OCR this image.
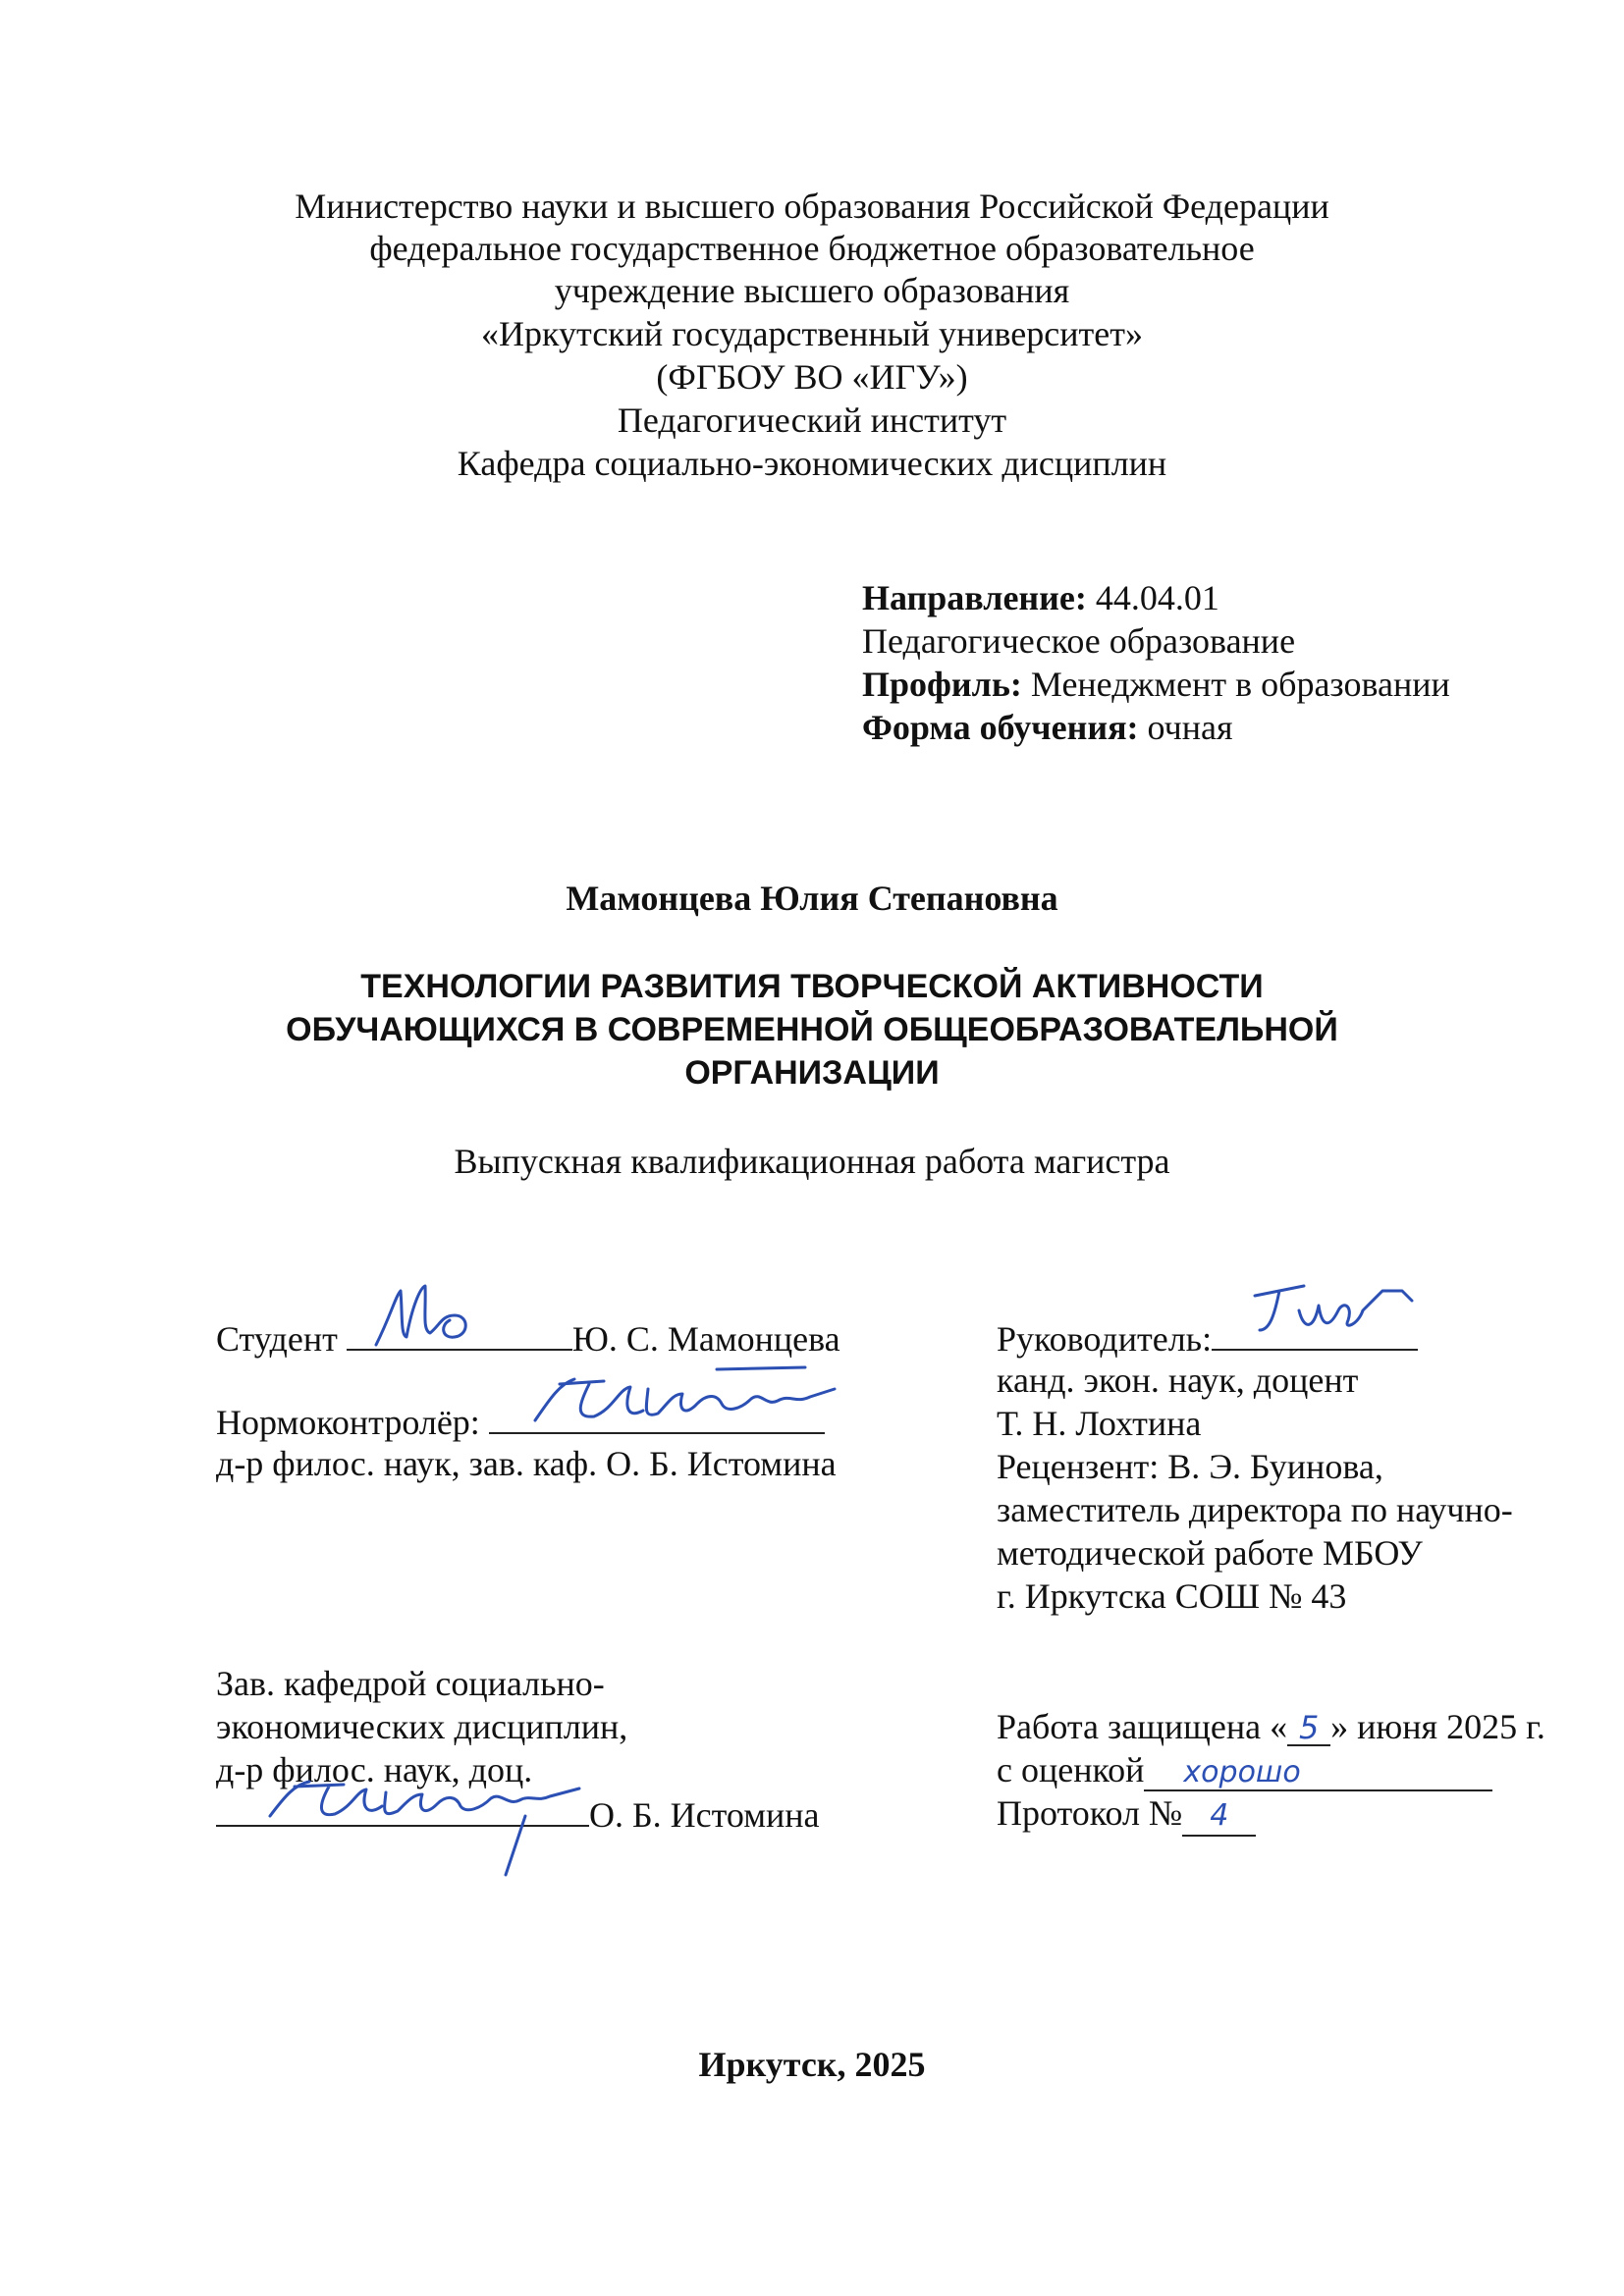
Министерство науки и высшего образования Российской Федерации
федеральное государственное бюджетное образовательное
учреждение высшего образования
«Иркутский государственный университет»
(ФГБОУ ВО «ИГУ»)
Педагогический институт
Кафедра социально-экономических дисциплин
Направление: 44.04.01
Педагогическое образование
Профиль: Менеджмент в образовании
Форма обучения: очная
Мамонцева Юлия Степановна
ТЕХНОЛОГИИ РАЗВИТИЯ ТВОРЧЕСКОЙ АКТИВНОСТИ
ОБУЧАЮЩИХСЯ В СОВРЕМЕННОЙ ОБЩЕОБРАЗОВАТЕЛЬНОЙ
ОРГАНИЗАЦИИ
Выпускная квалификационная работа магистра
Студент	Ю. С. Мамонцева
Нормоконтролёр:
д-р филос. наук, зав. каф. О. Б. Истомина
Зав. кафедрой социально-
экономических дисциплин,
д-р филос. наук, доц.
О. Б. Истомина
Руководитель:
канд. экон. наук, доцент
Т. Н. Лохтина
Рецензент: В. Э. Буинова,
заместитель директора по научно-
методической работе МБОУ
г. Иркутска СОШ № 43
Работа защищена « 5 » июня 2025 г.
с оценкой хорошо
Протокол № 4
Иркутск, 2025
